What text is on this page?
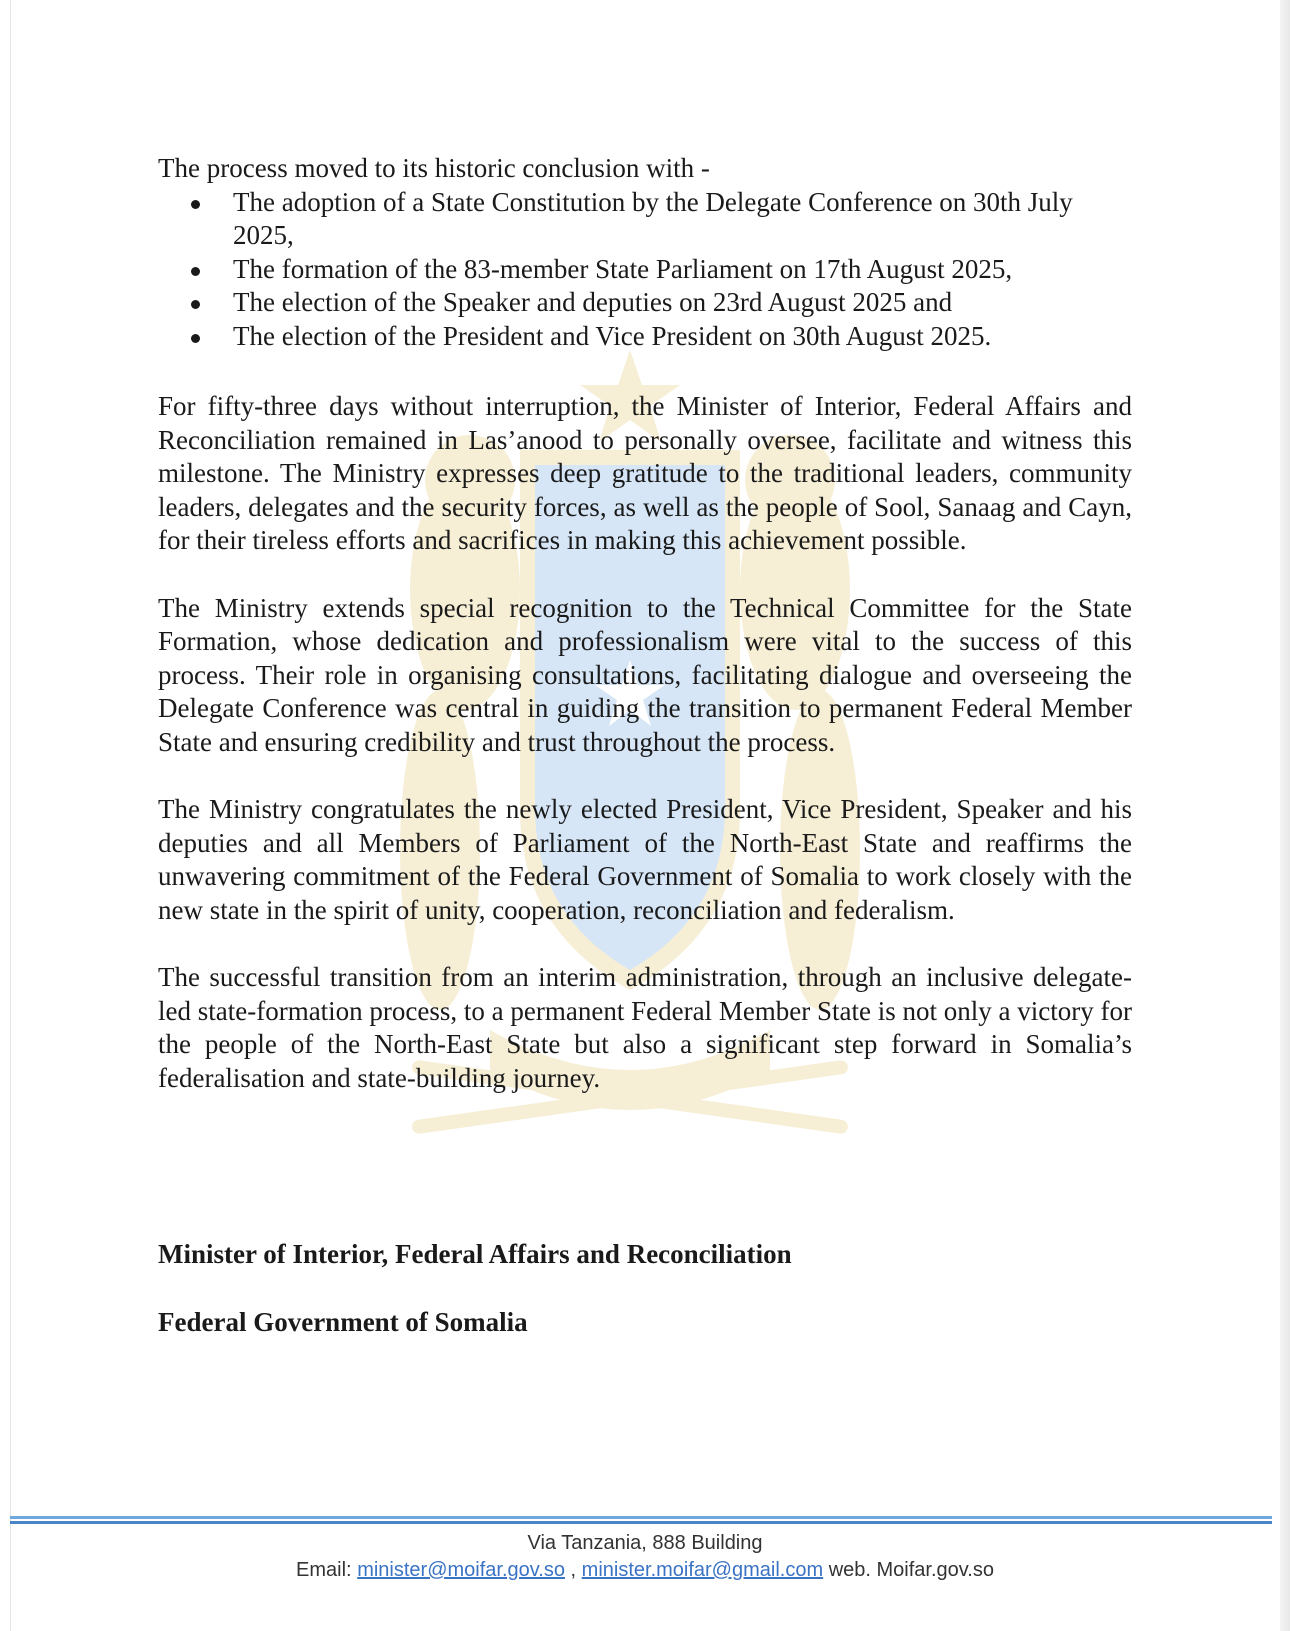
The process moved to its historic conclusion with -

The adoption of a State Constitution by the Delegate Conference on 30th July 2025,
The formation of the 83-member State Parliament on 17th August 2025,
The election of the Speaker and deputies on 23rd August 2025 and
The election of the President and Vice President on 30th August 2025.

For fifty-three days without interruption, the Minister of Interior, Federal Affairs and Reconciliation remained in Las’anood to personally oversee, facilitate and witness this milestone. The Ministry expresses deep gratitude to the traditional leaders, community leaders, delegates and the security forces, as well as the people of Sool, Sanaag and Cayn, for their tireless efforts and sacrifices in making this achievement possible.

The Ministry extends special recognition to the Technical Committee for the State Formation, whose dedication and professionalism were vital to the success of this process. Their role in organising consultations, facilitating dialogue and overseeing the Delegate Conference was central in guiding the transition to permanent Federal Member State and ensuring credibility and trust throughout the process.

The Ministry congratulates the newly elected President, Vice President, Speaker and his deputies and all Members of Parliament of the North-East State and reaffirms the unwavering commitment of the Federal Government of Somalia to work closely with the new state in the spirit of unity, cooperation, reconciliation and federalism.

The successful transition from an interim administration, through an inclusive delegate-led state-formation process, to a permanent Federal Member State is not only a victory for the people of the North-East State but also a significant step forward in Somalia’s federalisation and state-building journey.

Minister of Interior, Federal Affairs and Reconciliation
Federal Government of Somalia
Via Tanzania, 888 Building
Email: minister@moifar.gov.so , minister.moifar@gmail.com web. Moifar.gov.so
